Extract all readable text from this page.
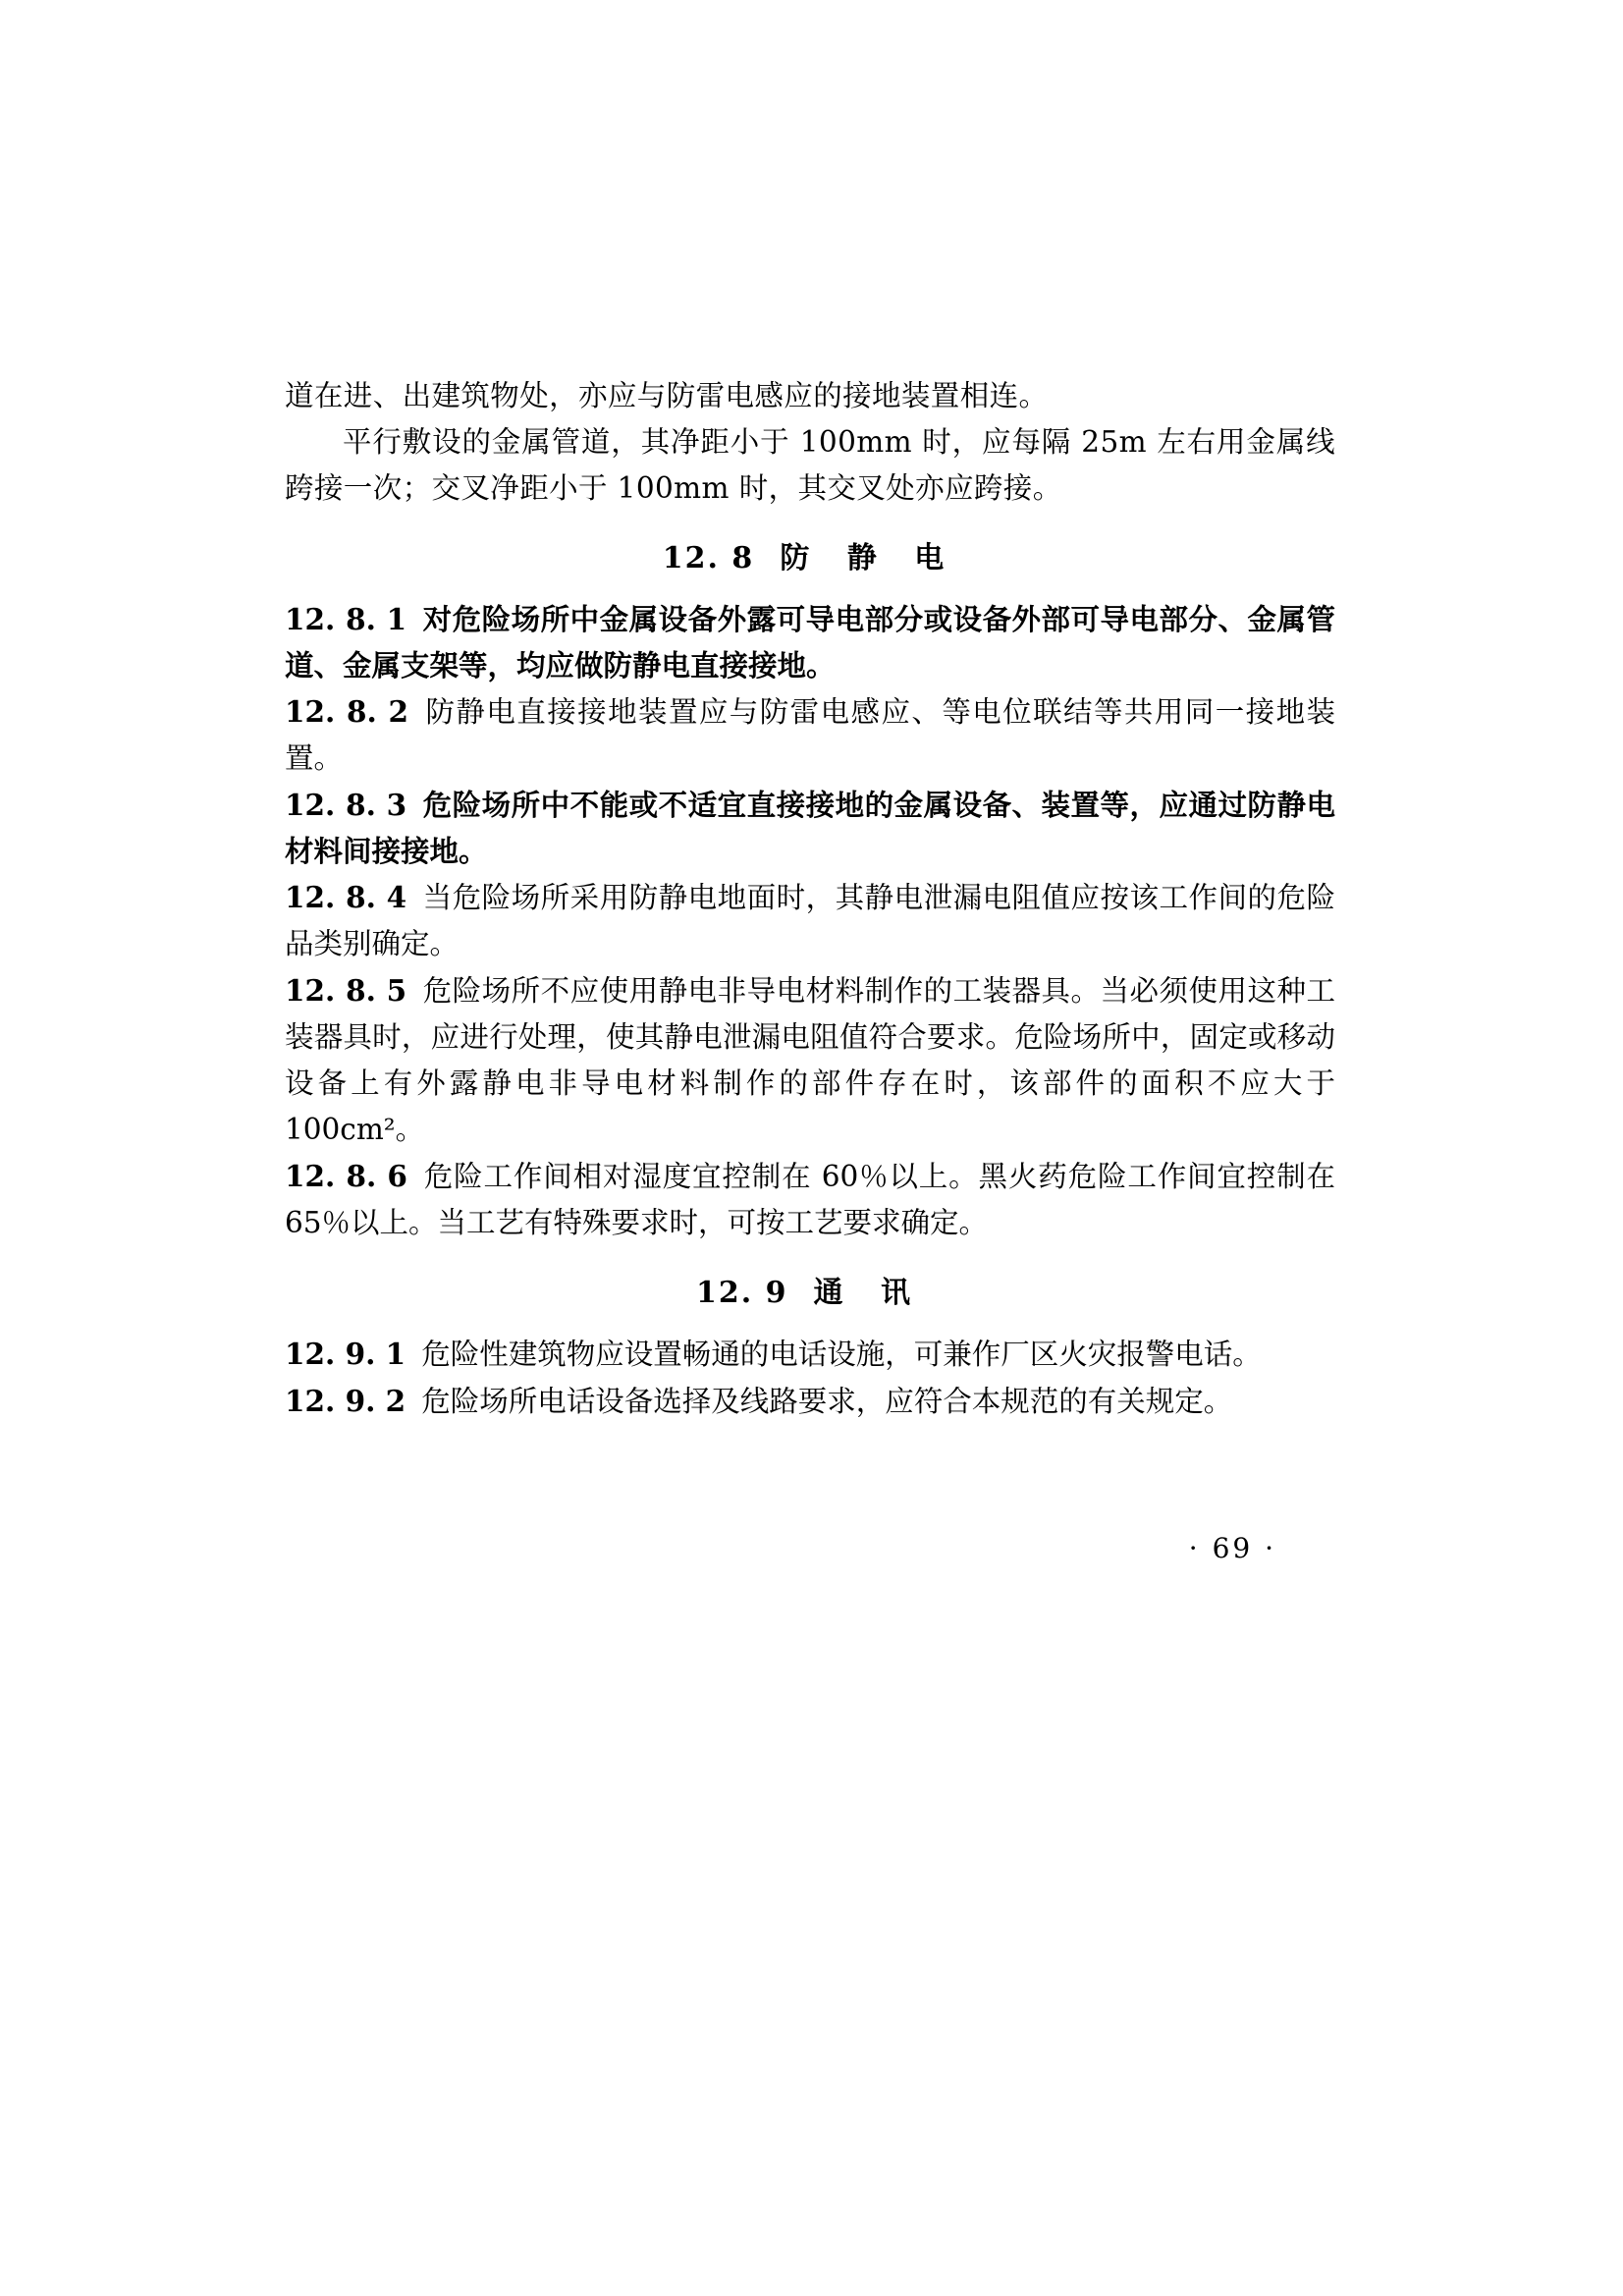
道在进、出建筑物处，亦应与防雷电感应的接地装置相连。

平行敷设的金属管道，其净距小于 100mm 时，应每隔 25m 左右用金属线跨接一次；交叉净距小于 100mm 时，其交叉处亦应跨接。

12. 8 防 静 电

12. 8. 1 对危险场所中金属设备外露可导电部分或设备外部可导电部分、金属管道、金属支架等，均应做防静电直接接地。

12. 8. 2 防静电直接接地装置应与防雷电感应、等电位联结等共用同一接地装置。

12. 8. 3 危险场所中不能或不适宜直接接地的金属设备、装置等，应通过防静电材料间接接地。

12. 8. 4 当危险场所采用防静电地面时，其静电泄漏电阻值应按该工作间的危险品类别确定。

12. 8. 5 危险场所不应使用静电非导电材料制作的工装器具。当必须使用这种工装器具时，应进行处理，使其静电泄漏电阻值符合要求。危险场所中，固定或移动设备上有外露静电非导电材料制作的部件存在时，该部件的面积不应大于 100cm²。

12. 8. 6 危险工作间相对湿度宜控制在 60％以上。黑火药危险工作间宜控制在 65％以上。当工艺有特殊要求时，可按工艺要求确定。

12. 9 通 讯

12. 9. 1 危险性建筑物应设置畅通的电话设施，可兼作厂区火灾报警电话。

12. 9. 2 危险场所电话设备选择及线路要求，应符合本规范的有关规定。

· 69 ·
